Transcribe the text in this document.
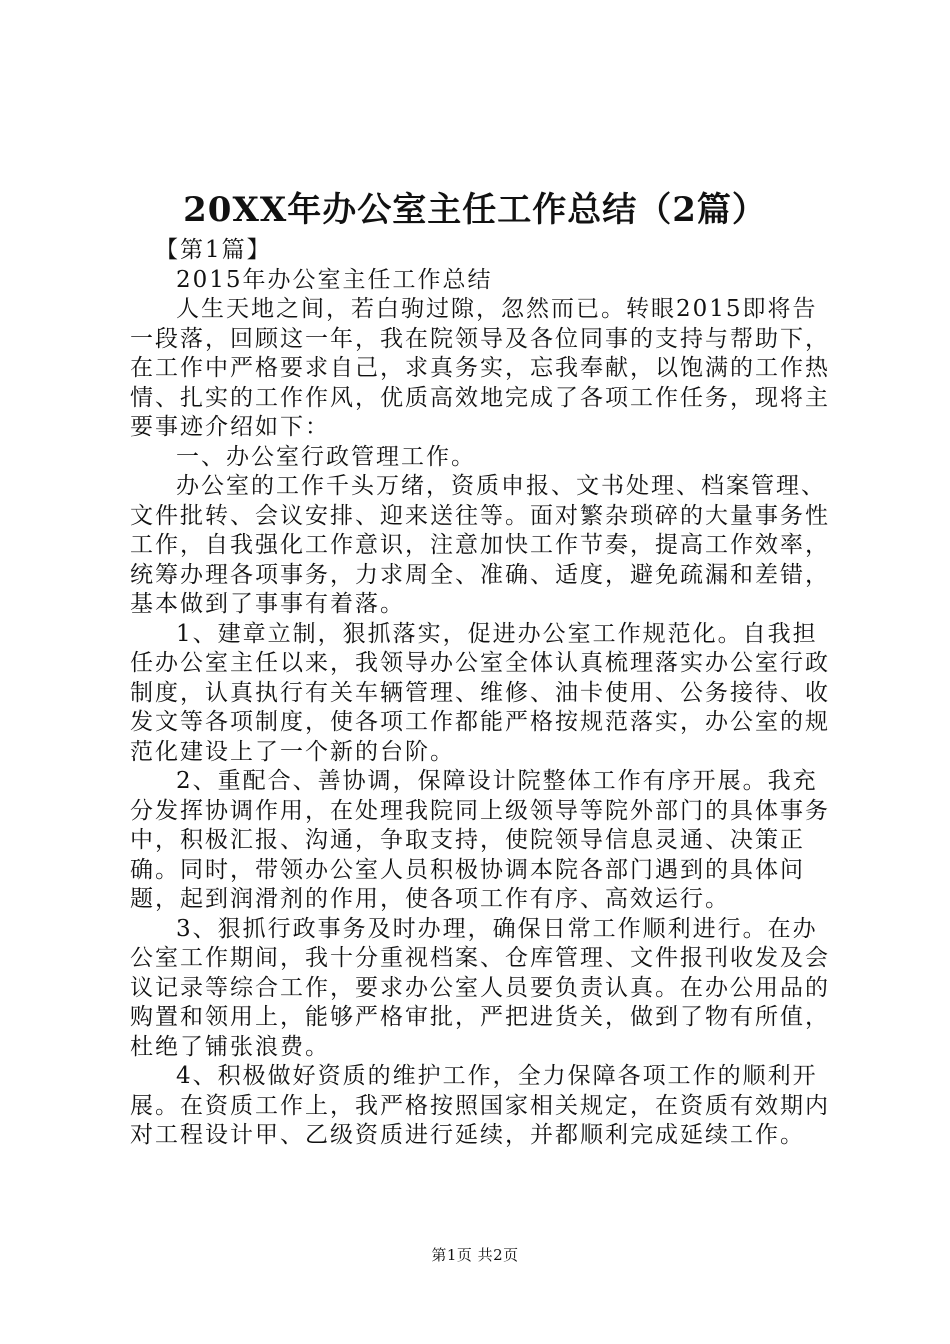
20XX年办公室主任工作总结（2篇）

【第1篇】

2015年办公室主任工作总结

人生天地之间，若白驹过隙，忽然而已。转眼2015即将告一段落，回顾这一年，我在院领导及各位同事的支持与帮助下，在工作中严格要求自己，求真务实，忘我奉献，以饱满的工作热情、扎实的工作作风，优质高效地完成了各项工作任务，现将主要事迹介绍如下：

一、办公室行政管理工作。

办公室的工作千头万绪，资质申报、文书处理、档案管理、文件批转、会议安排、迎来送往等。面对繁杂琐碎的大量事务性工作，自我强化工作意识，注意加快工作节奏，提高工作效率，统筹办理各项事务，力求周全、准确、适度，避免疏漏和差错，基本做到了事事有着落。

1、建章立制，狠抓落实，促进办公室工作规范化。自我担任办公室主任以来，我领导办公室全体认真梳理落实办公室行政制度，认真执行有关车辆管理、维修、油卡使用、公务接待、收发文等各项制度，使各项工作都能严格按规范落实，办公室的规范化建设上了一个新的台阶。

2、重配合、善协调，保障设计院整体工作有序开展。我充分发挥协调作用，在处理我院同上级领导等院外部门的具体事务中，积极汇报、沟通，争取支持，使院领导信息灵通、决策正确。同时，带领办公室人员积极协调本院各部门遇到的具体问题，起到润滑剂的作用，使各项工作有序、高效运行。

3、狠抓行政事务及时办理，确保日常工作顺利进行。在办公室工作期间，我十分重视档案、仓库管理、文件报刊收发及会议记录等综合工作，要求办公室人员要负责认真。在办公用品的购置和领用上，能够严格审批，严把进货关，做到了物有所值，杜绝了铺张浪费。

4、积极做好资质的维护工作，全力保障各项工作的顺利开展。在资质工作上，我严格按照国家相关规定，在资质有效期内对工程设计甲、乙级资质进行延续，并都顺利完成延续工作。

第1页 共2页
